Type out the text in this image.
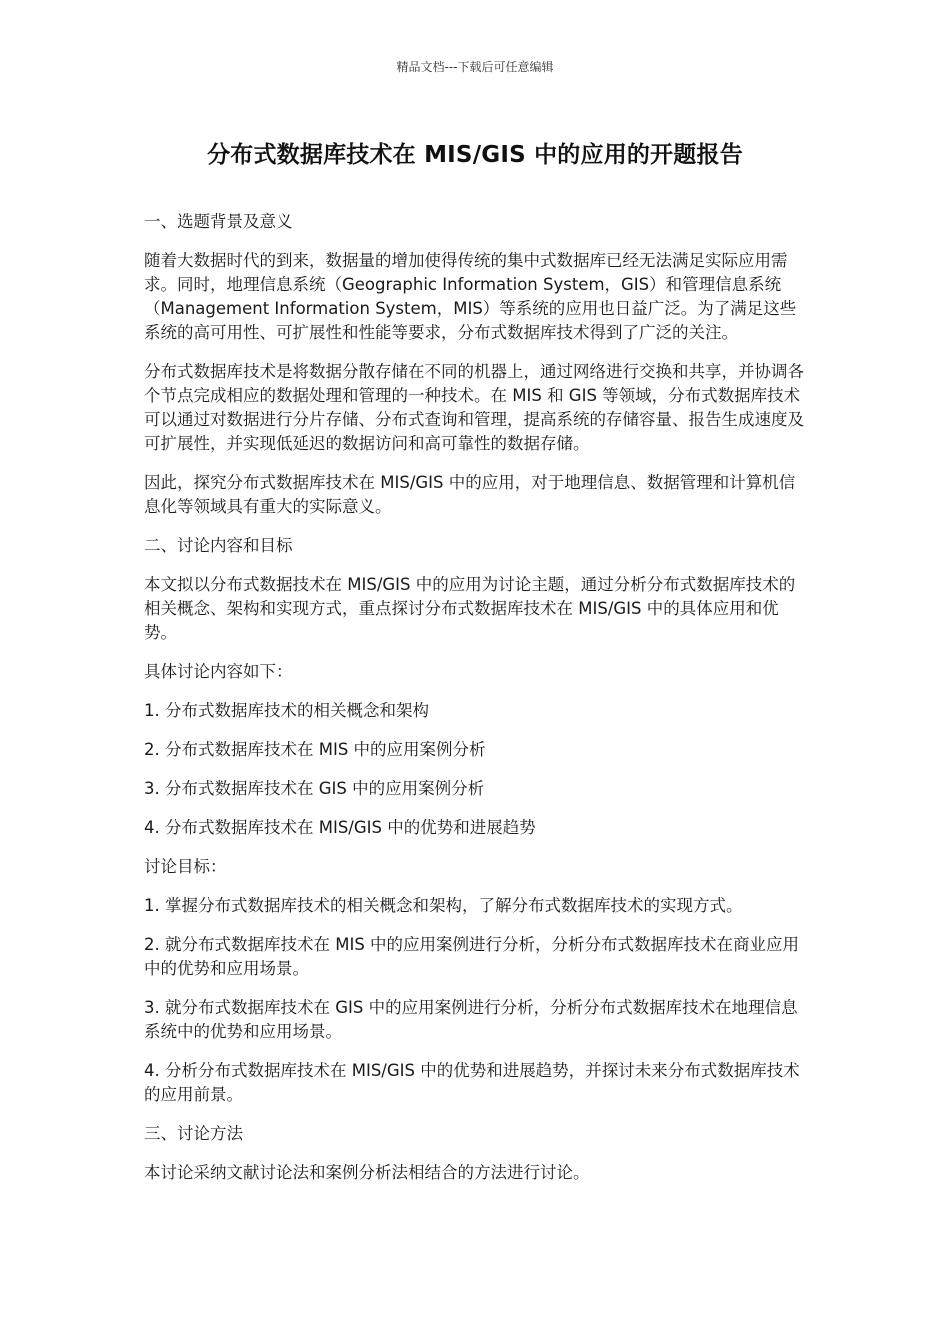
精品文档---下载后可任意编辑
分布式数据库技术在 MIS/GIS 中的应用的开题报告
一、选题背景及意义
随着大数据时代的到来，数据量的增加使得传统的集中式数据库已经无法满足实际应用需求。同时，地理信息系统（Geographic Information System，GIS）和管理信息系统（Management Information System，MIS）等系统的应用也日益广泛。为了满足这些系统的高可用性、可扩展性和性能等要求，分布式数据库技术得到了广泛的关注。
分布式数据库技术是将数据分散存储在不同的机器上，通过网络进行交换和共享，并协调各个节点完成相应的数据处理和管理的一种技术。在 MIS 和 GIS 等领域，分布式数据库技术可以通过对数据进行分片存储、分布式查询和管理，提高系统的存储容量、报告生成速度及可扩展性，并实现低延迟的数据访问和高可靠性的数据存储。
因此，探究分布式数据库技术在 MIS/GIS 中的应用，对于地理信息、数据管理和计算机信息化等领域具有重大的实际意义。
二、讨论内容和目标
本文拟以分布式数据技术在 MIS/GIS 中的应用为讨论主题，通过分析分布式数据库技术的相关概念、架构和实现方式，重点探讨分布式数据库技术在 MIS/GIS 中的具体应用和优势。
具体讨论内容如下：
1. 分布式数据库技术的相关概念和架构
2. 分布式数据库技术在 MIS 中的应用案例分析
3. 分布式数据库技术在 GIS 中的应用案例分析
4. 分布式数据库技术在 MIS/GIS 中的优势和进展趋势
讨论目标：
1. 掌握分布式数据库技术的相关概念和架构，了解分布式数据库技术的实现方式。
2. 就分布式数据库技术在 MIS 中的应用案例进行分析，分析分布式数据库技术在商业应用中的优势和应用场景。
3. 就分布式数据库技术在 GIS 中的应用案例进行分析，分析分布式数据库技术在地理信息系统中的优势和应用场景。
4. 分析分布式数据库技术在 MIS/GIS 中的优势和进展趋势，并探讨未来分布式数据库技术的应用前景。
三、讨论方法
本讨论采纳文献讨论法和案例分析法相结合的方法进行讨论。
